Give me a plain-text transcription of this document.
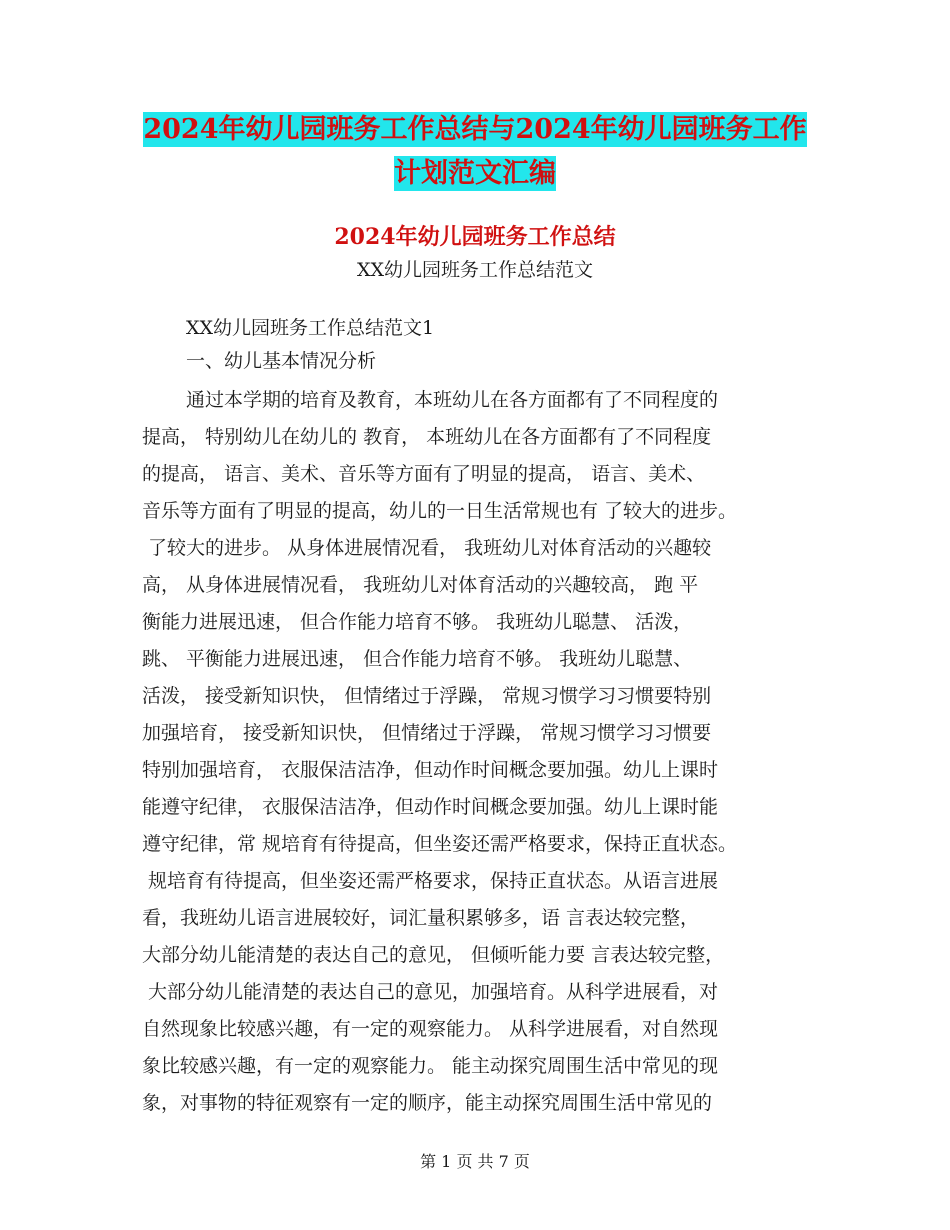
2024年幼儿园班务工作总结与2024年幼儿园班务工作
计划范文汇编
2024年幼儿园班务工作总结

XX幼儿园班务工作总结范文

XX幼儿园班务工作总结范文1

一、幼儿基本情况分析

通过本学期的培育及教育，本班幼儿在各方面都有了不同程度的

提高， 特别幼儿在幼儿的 教育， 本班幼儿在各方面都有了不同程度

的提高， 语言、美术、音乐等方面有了明显的提高， 语言、美术、

音乐等方面有了明显的提高，幼儿的一日生活常规也有 了较大的进步。

了较大的进步。 从身体进展情况看， 我班幼儿对体育活动的兴趣较

高， 从身体进展情况看， 我班幼儿对体育活动的兴趣较高， 跑 平

衡能力进展迅速， 但合作能力培育不够。 我班幼儿聪慧、 活泼，

跳、 平衡能力进展迅速， 但合作能力培育不够。 我班幼儿聪慧、

活泼， 接受新知识快， 但情绪过于浮躁， 常规习惯学习习惯要特别

加强培育， 接受新知识快， 但情绪过于浮躁， 常规习惯学习习惯要

特别加强培育， 衣服保洁洁净，但动作时间概念要加强。幼儿上课时

能遵守纪律， 衣服保洁洁净，但动作时间概念要加强。幼儿上课时能

遵守纪律，常 规培育有待提高，但坐姿还需严格要求，保持正直状态。

规培育有待提高，但坐姿还需严格要求，保持正直状态。从语言进展

看，我班幼儿语言进展较好，词汇量积累够多，语 言表达较完整，

大部分幼儿能清楚的表达自己的意见， 但倾听能力要 言表达较完整，

大部分幼儿能清楚的表达自己的意见，加强培育。从科学进展看，对

自然现象比较感兴趣，有一定的观察能力。 从科学进展看，对自然现

象比较感兴趣，有一定的观察能力。 能主动探究周围生活中常见的现

象，对事物的特征观察有一定的顺序，能主动探究周围生活中常见的

第 1 页 共 7 页
